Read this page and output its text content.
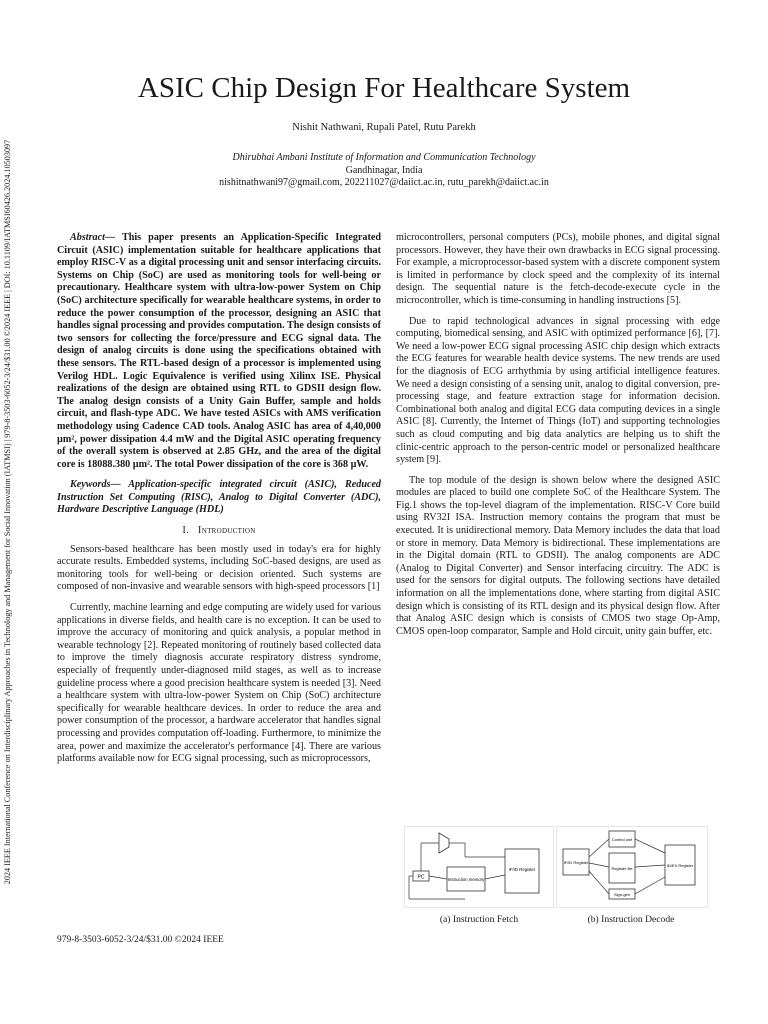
2024 IEEE International Conference on Interdisciplinary Approaches in Technology and Management for Social Innovation (IATMSI) | 979-8-3503-6052-3/24/$31.00 ©2024 IEEE | DOI: 10.1109/IATMSI60426.2024.10503097
ASIC Chip Design For Healthcare System
Nishit Nathwani, Rupali Patel, Rutu Parekh
Dhirubhai Ambani Institute of Information and Communication Technology
Gandhinagar, India
nishitnathwani97@gmail.com, 202211027@daiict.ac.in, rutu_parekh@daiict.ac.in

Abstract— This paper presents an Application-Specific Integrated Circuit (ASIC) implementation suitable for healthcare applications that employ RISC-V as a digital processing unit and sensor interfacing circuits. Systems on Chip (SoC) are used as monitoring tools for well-being or precautionary. Healthcare system with ultra-low-power System on Chip (SoC) architecture specifically for wearable healthcare systems, in order to reduce the power consumption of the processor, designing an ASIC that handles signal processing and provides computation. The design consists of two sensors for collecting the force/pressure and ECG signal data. The design of analog circuits is done using the specifications obtained with these sensors. The RTL-based design of a processor is implemented using Verilog HDL. Logic Equivalence is verified using Xilinx ISE. Physical realizations of the design are obtained using RTL to GDSII design flow. The analog design consists of a Unity Gain Buffer, sample and holds circuit, and flash-type ADC. We have tested ASICs with AMS verification methodology using Cadence CAD tools. Analog ASIC has area of 4,40,000 µm², power dissipation 4.4 mW and the Digital ASIC operating frequency of the overall system is observed at 2.85 GHz, and the area of the digital core is 18088.380 µm². The total Power dissipation of the core is 368 µW.

Keywords— Application-specific integrated circuit (ASIC), Reduced Instruction Set Computing (RISC), Analog to Digital Converter (ADC), Hardware Descriptive Language (HDL)

I. Introduction

Sensors-based healthcare has been mostly used in today's era for highly accurate results. Embedded systems, including SoC-based designs, are used as monitoring tools for well-being or decision oriented. Such systems are composed of non-invasive and wearable sensors with high-speed processors [1]

Currently, machine learning and edge computing are widely used for various applications in diverse fields, and health care is no exception. It can be used to improve the accuracy of monitoring and quick analysis, a popular method in wearable technology [2]. Repeated monitoring of routinely based collected data to improve the timely diagnosis accurate respiratory distress syndrome, especially of frequently under-diagnosed mild stages, as well as to increase guideline process where a good precision healthcare system is needed [3]. Need a healthcare system with ultra-low-power System on Chip (SoC) architecture specifically for wearable healthcare devices. In order to reduce the area and power consumption of the processor, a hardware accelerator that handles signal processing and provides computation off-loading. Furthermore, to minimize the area, power and maximize the accelerator's performance [4]. There are various platforms available now for ECG signal processing, such as microprocessors,

microcontrollers, personal computers (PCs), mobile phones, and digital signal processors. However, they have their own drawbacks in ECG signal processing. For example, a microprocessor-based system with a discrete component system is limited in performance by clock speed and the complexity of its internal design. The sequential nature is the fetch-decode-execute cycle in the microcontroller, which is time-consuming in handling instructions [5].

Due to rapid technological advances in signal processing with edge computing, biomedical sensing, and ASIC with optimized performance [6], [7]. We need a low-power ECG signal processing ASIC chip design which extracts the ECG features for wearable health device systems. The new trends are used for the diagnosis of ECG arrhythmia by using artificial intelligence features. We need a design consisting of a sensing unit, analog to digital conversion, pre-processing stage, and feature extraction stage for information decision. Combinational both analog and digital ECG data computing devices in a single ASIC [8]. Currently, the Internet of Things (IoT) and supporting technologies such as cloud computing and big data analytics are helping us to shift the clinic-centric approach to the person-centric model or personalized healthcare system [9].

The top module of the design is shown below where the designed ASIC modules are placed to build one complete SoC of the Healthcare System. The Fig.1 shows the top-level diagram of the implementation. RISC-V Core build using RV32I ISA. Instruction memory contains the program that must be executed. It is unidirectional memory. Data Memory includes the data that load or store in memory. Data Memory is bidirectional. These implementations are in the Digital domain (RTL to GDSII). The analog components are ADC (Analog to Digital Converter) and Sensor interfacing circuitry. The ADC is used for the sensors for digital outputs. The following sections have detailed information on all the implementations done, where starting from digital ASIC design which is consisting of its RTL design and its physical design flow. After that Analog ASIC design which is consists of CMOS two stage Op-Amp, CMOS open-loop comparator, Sample and Hold circuit, unity gain buffer, etc.

PC	Instruction memory
IF/ID Register
IF/ID Register
Control unit
Register file
Sign-gen
ID/EX Register
(a) Instruction Fetch	(b) Instruction Decode
979-8-3503-6052-3/24/$31.00 ©2024 IEEE
